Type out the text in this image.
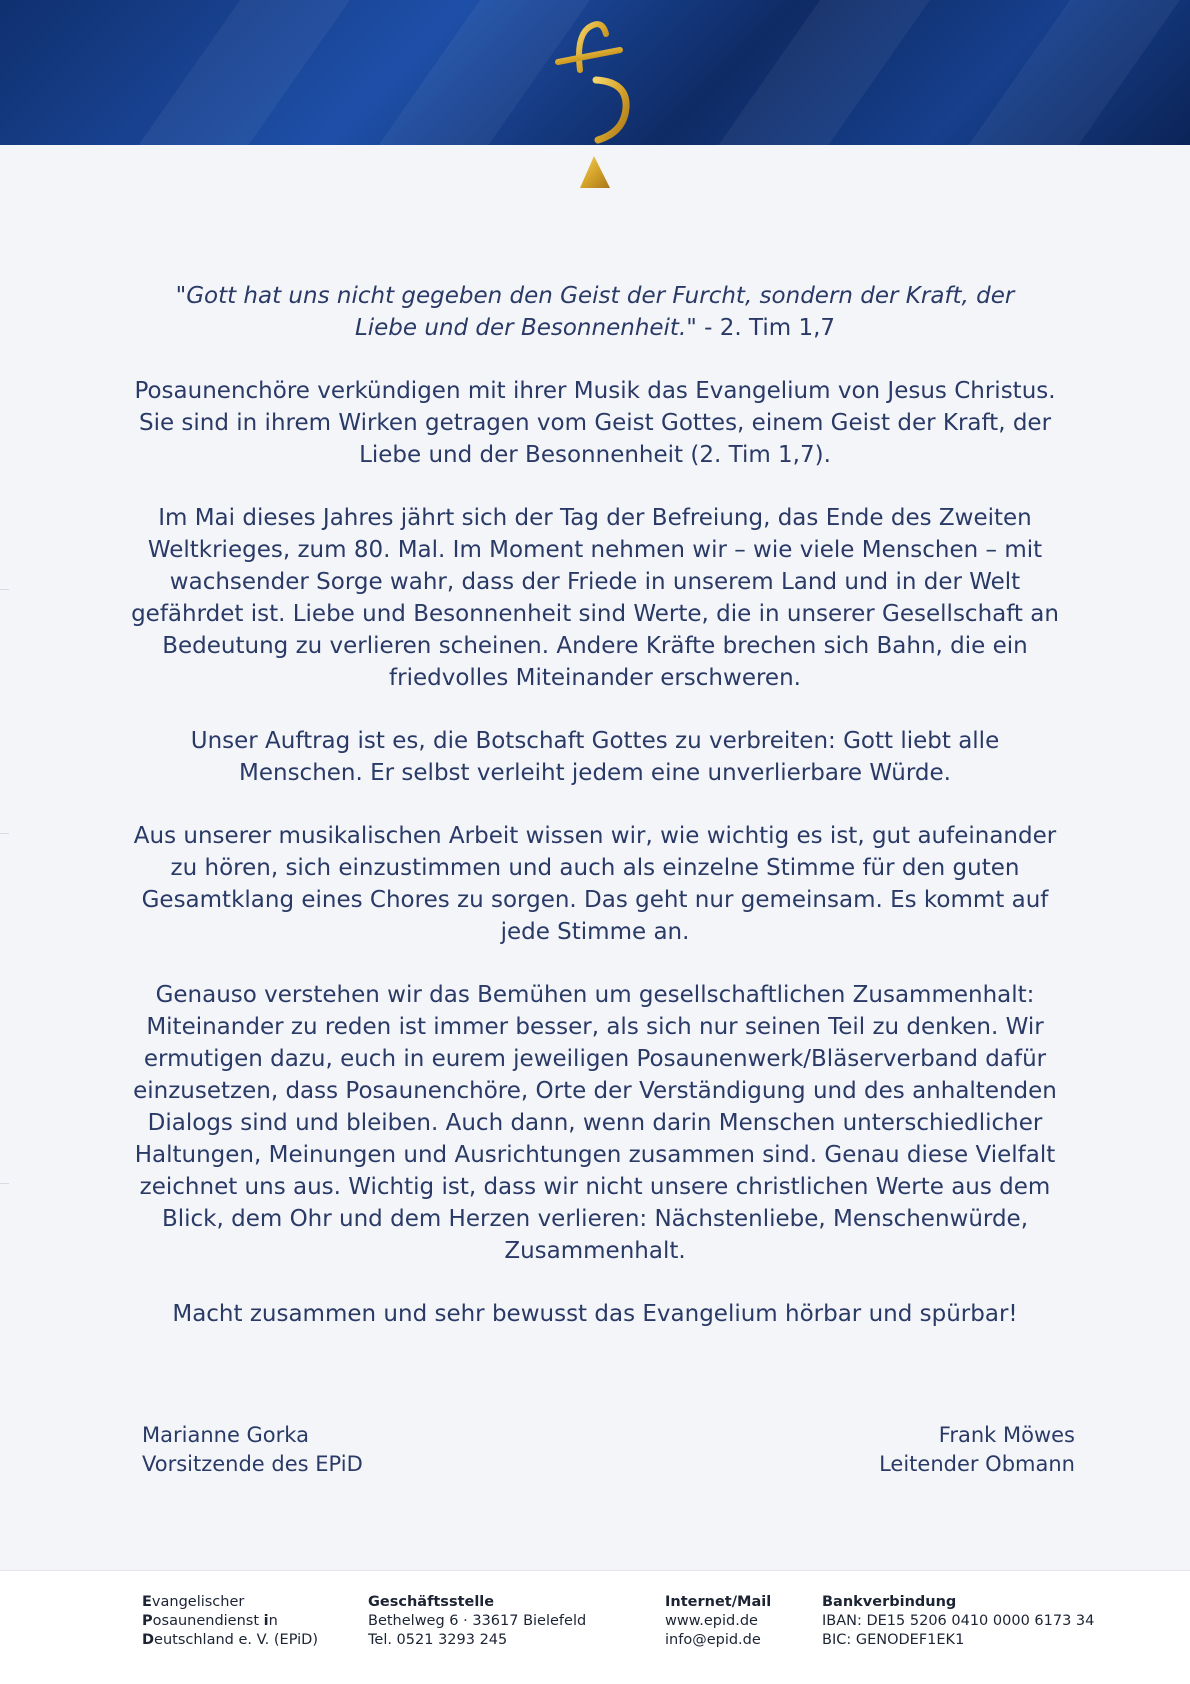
"Gott hat uns nicht gegeben den Geist der Furcht, sondern der Kraft, der
Liebe und der Besonnenheit." - 2. Tim 1,7

Posaunenchöre verkündigen mit ihrer Musik das Evangelium von Jesus Christus. Sie sind in ihrem Wirken getragen vom Geist Gottes, einem Geist der Kraft, der Liebe und der Besonnenheit (2. Tim 1,7).

Im Mai dieses Jahres jährt sich der Tag der Befreiung, das Ende des Zweiten Weltkrieges, zum 80. Mal. Im Moment nehmen wir – wie viele Menschen – mit wachsender Sorge wahr, dass der Friede in unserem Land und in der Welt gefährdet ist. Liebe und Besonnenheit sind Werte, die in unserer Gesellschaft an Bedeutung zu verlieren scheinen. Andere Kräfte brechen sich Bahn, die ein friedvolles Miteinander erschweren.

Unser Auftrag ist es, die Botschaft Gottes zu verbreiten: Gott liebt alle Menschen. Er selbst verleiht jedem eine unverlierbare Würde.

Aus unserer musikalischen Arbeit wissen wir, wie wichtig es ist, gut aufeinander zu hören, sich einzustimmen und auch als einzelne Stimme für den guten Gesamtklang eines Chores zu sorgen. Das geht nur gemeinsam. Es kommt auf jede Stimme an.

Genauso verstehen wir das Bemühen um gesellschaftlichen Zusammenhalt: Miteinander zu reden ist immer besser, als sich nur seinen Teil zu denken. Wir ermutigen dazu, euch in eurem jeweiligen Posaunenwerk/Bläserverband dafür einzusetzen, dass Posaunenchöre, Orte der Verständigung und des anhaltenden Dialogs sind und bleiben. Auch dann, wenn darin Menschen unterschiedlicher Haltungen, Meinungen und Ausrichtungen zusammen sind. Genau diese Vielfalt zeichnet uns aus. Wichtig ist, dass wir nicht unsere christlichen Werte aus dem Blick, dem Ohr und dem Herzen verlieren: Nächstenliebe, Menschenwürde, Zusammenhalt.

Macht zusammen und sehr bewusst das Evangelium hörbar und spürbar!

Marianne Gorka
Vorsitzende des EPiD
Frank Möwes
Leitender Obmann
Evangelischer
Posaunendienst in
Deutschland e. V. (EPiD)
Geschäftsstelle
Bethelweg 6 · 33617 Bielefeld
Tel. 0521 3293 245
Internet/Mail
www.epid.de
info@epid.de
Bankverbindung
IBAN: DE15 5206 0410 0000 6173 34
BIC: GENODEF1EK1
